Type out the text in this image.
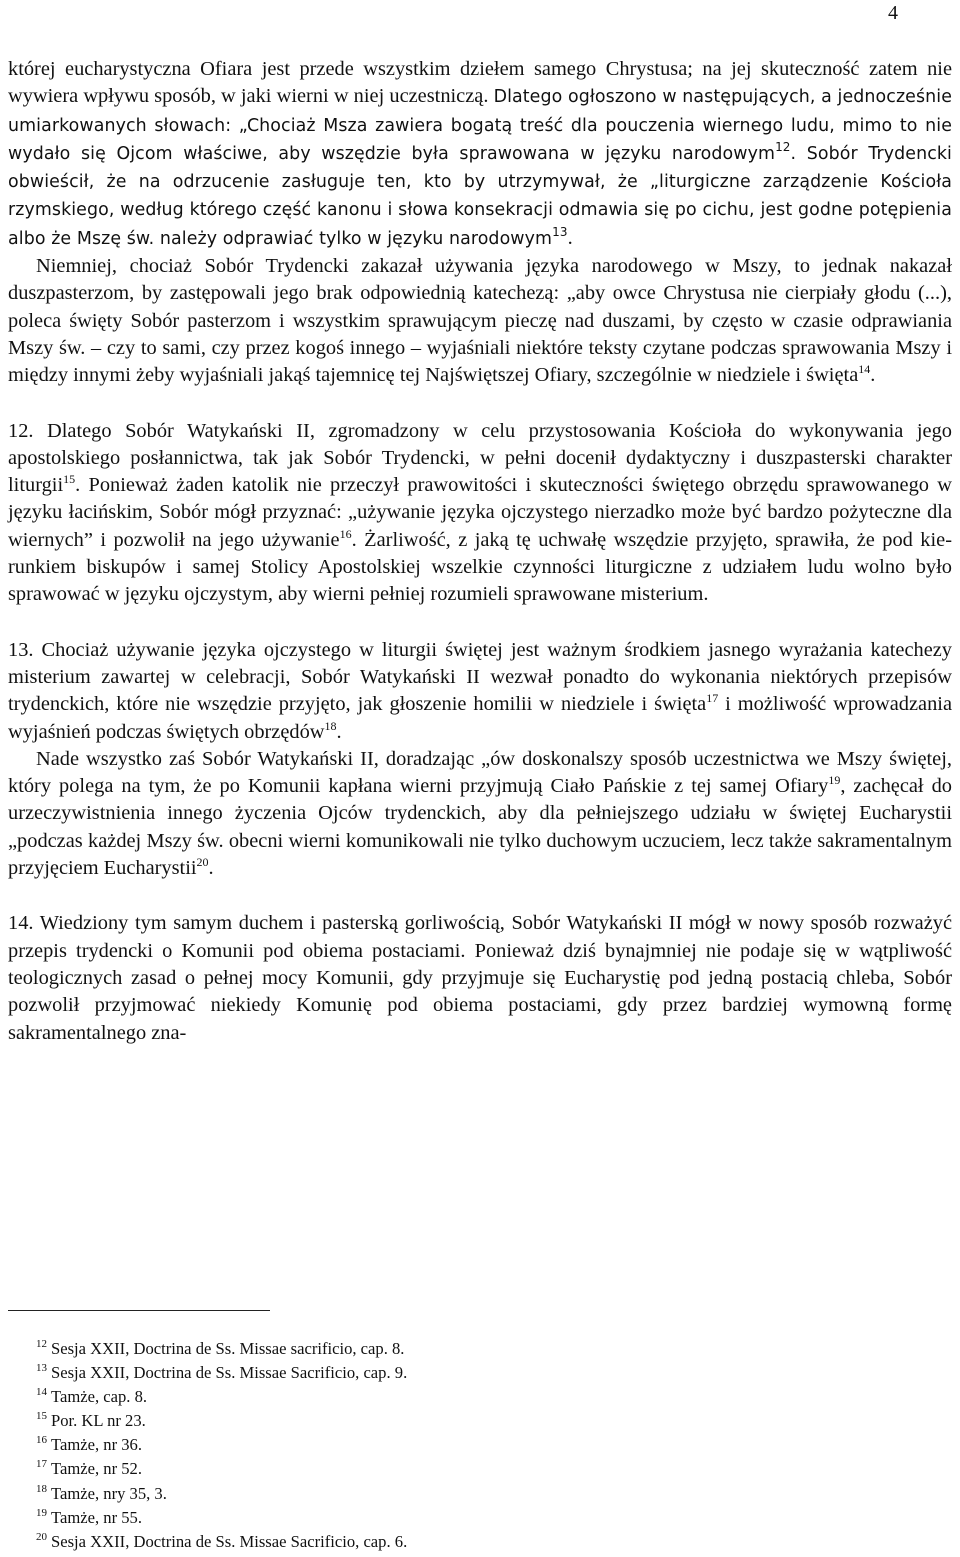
4

której eucharystyczna Ofiara jest przede wszystkim dziełem samego Chrystusa; na jej skuteczność zatem nie wywiera wpływu sposób, w jaki wierni w niej uczestniczą. Dlatego ogłoszono w następujących, a jednocześnie umiarkowanych słowach: „Chociaż Msza zawiera bogatą treść dla pouczenia wiernego ludu, mimo to nie wydało się Ojcom właściwe, aby wszędzie była sprawowana w języku narodowym$^{12}$. Sobór Trydencki obwieścił, że na odrzucenie zasługuje ten, kto by utrzymywał, że „liturgiczne zarządzenie Kościoła rzymskiego, według którego część kanonu i słowa konsekracji odmawia się po cichu, jest godne potępienia albo że Mszę św. należy odprawiać tylko w języku narodowym$^{13}$.

Niemniej, chociaż Sobór Trydencki zakazał używania języka narodowego w Mszy, to jednak nakazał duszpasterzom, by zastępowali jego brak odpowiednią katechezą: „aby owce Chrystusa nie cierpiały głodu (...), poleca święty Sobór pasterzom i wszystkim sprawującym pieczę nad duszami, by często w czasie odprawiania Mszy św. – czy to sami, czy przez kogoś innego – wyjaśniali niektóre teksty czytane podczas sprawowania Mszy i między innymi żeby wyjaśniali jakąś tajemnicę tej Najświętszej Ofiary, szczególnie w niedziele i święta$^{14}$.

12. Dlatego Sobór Watykański II, zgromadzony w celu przystosowania Kościoła do wykonywania jego apostolskiego posłannictwa, tak jak Sobór Trydencki, w pełni docenił dydaktyczny i duszpasterski charakter liturgii$^{15}$. Ponieważ żaden katolik nie przeczył prawowitości i skuteczności świętego obrzędu sprawowanego w języku łacińskim, Sobór mógł przyznać: „używanie języka ojczystego nierzadko może być bardzo pożyteczne dla wiernych” i pozwolił na jego używanie$^{16}$. Żarliwość, z jaką tę uchwałę wszędzie przyjęto, sprawiła, że pod kierunkiem biskupów i samej Stolicy Apostolskiej wszelkie czynności liturgiczne z udziałem ludu wolno było sprawować w języku ojczystym, aby wierni pełniej rozumieli sprawowane misterium.

13. Chociaż używanie języka ojczystego w liturgii świętej jest ważnym środkiem jasnego wyrażania katechezy misterium zawartej w celebracji, Sobór Watykański II wezwał ponadto do wykonania niektórych przepisów trydenckich, które nie wszędzie przyjęto, jak głoszenie homilii w niedziele i święta$^{17}$ i możliwość wprowadzania wyjaśnień podczas świętych obrzędów$^{18}$.

Nade wszystko zaś Sobór Watykański II, doradzając „ów doskonalszy sposób uczestnictwa we Mszy świętej, który polega na tym, że po Komunii kapłana wierni przyjmują Ciało Pańskie z tej samej Ofiary$^{19}$, zachęcał do urzeczywistnienia innego życzenia Ojców trydenckich, aby dla pełniejszego udziału w świętej Eucharystii „podczas każdej Mszy św. obecni wierni komunikowali nie tylko duchowym uczuciem, lecz także sakramentalnym przyjęciem Eucharystii$^{20}$.

14. Wiedziony tym samym duchem i pasterską gorliwością, Sobór Watykański II mógł w nowy sposób rozważyć przepis trydencki o Komunii pod obiema postaciami. Ponieważ dziś bynajmniej nie podaje się w wątpliwość teologicznych zasad o pełnej mocy Komunii, gdy przyjmuje się Eucharystię pod jedną postacią chleba, Sobór pozwolił przyjmować niekiedy Komunię pod obiema postaciami, gdy przez bardziej wymowną formę sakramentalnego zna-

$^{12}$ Sesja XXII, Doctrina de Ss. Missae sacrificio, cap. 8.

$^{13}$ Sesja XXII, Doctrina de Ss. Missae Sacrificio, cap. 9.

$^{14}$ Tamże, cap. 8.

$^{15}$ Por. KL nr 23.

$^{16}$ Tamże, nr 36.

$^{17}$ Tamże, nr 52.

$^{18}$ Tamże, nry 35, 3.

$^{19}$ Tamże, nr 55.

$^{20}$ Sesja XXII, Doctrina de Ss. Missae Sacrificio, cap. 6.
